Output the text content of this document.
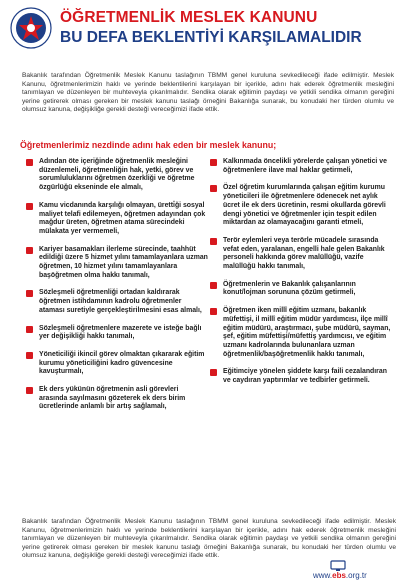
ÖĞRETMENLİK MESLEK KANUNU
BU DEFA BEKLENTİYİ KARŞILAMALIDIR
Bakanlık tarafından Öğretmenlik Meslek Kanunu taslağının TBMM genel kuruluna sevkedileceği ifade edilmiştir. Meslek Kanunu, öğretmenlerimizin haklı ve yerinde beklentilerini karşılayan bir içerikle, adını hak ederek öğretmenlik mesleğini tanımlayan ve düzenleyen bir muhteveyla çıkarılmalıdır. Sendika olarak eğitimin paydaşı ve yetkili sendika olmanın gereğini yerine getirerek olması gereken bir meslek kanunu taslağı örneğini Bakanlığa sunarak, bu konudaki her türden olumlu ve olumsuz kanuna, değişikliğe gerekli desteği vereceğimizi ifade ettik.
Öğretmenlerimiz nezdinde adını hak eden bir meslek kanunu;
Adından öte içeriğinde öğretmenlik mesleğini düzenlemeli, öğretmenliğin hak, yetki, görev ve sorumluluklarını öğretmen özerkliği ve öğretme özgürlüğü ekseninde ele almalı,
Kamu vicdanında karşılığı olmayan, üretti̇ği sosyal maliyet telafi edilemeyen, öğretmen adayından çok mağdur üreten, öğretmen atama sürecindeki mülakata yer vermemeli,
Kariyer basamakları ilerleme sürecinde, taahhüt edildiği üzere 5 hizmet yılını tamamlayanlara uzman öğretmen, 10 hizmet yılını tamamlayanlara başöğretmen olma hakkı tanımalı,
Sözleşmeli öğretmenliği ortadan kaldırarak öğretmen istihdamının kadrolu öğretmenler ataması suretiyle gerçekleştirilmesini esas almalı,
Sözleşmeli öğretmenlere mazerete ve isteğe bağlı yer değişikliği hakkı tanımalı,
Yöneticiliği ikincil görev olmaktan çıkararak eğitim kurumu yöneticiliğini kadro güvencesine kavuşturmalı,
Ek ders yükünün öğretmenin asli görevleri arasında sayılmasını gözeterek ek ders birim ücretlerinde anlamlı bir artış sağlamalı,
Kalkınmada öncelikli yörelerde çalışan yönetici ve öğretmenlere ilave mal haklar getirmeli,
Özel öğretim kurumlarında çalışan eğitim kurumu yöneticileri ile öğretmenlere ödenecek net aylık ücret ile ek ders ücretinin, resmi okullarda görevli dengi yönetici ve öğretmenler için tespit edilen miktardan az olamayacağını garanti etmeli,
Terör eylemleri veya terörle mücadele sırasında vefat eden, yaralanan, engelli hale gelen Bakanlık personeli hakkında görev malüllüğü, vazife malüllüğü hakkı tanımalı,
Öğretmenlerin ve Bakanlık çalışanlarının konut/lojman sorununa çözüm getirmeli,
Öğretmen iken millî eğitim uzmanı, bakanlık müfettişi, il millî eğitim müdür yardımcısı, ilçe millî eğitim müdürü, araştırmacı, şube müdürü, sayman, şef, eğitim müfettişi/müfettiş yardımcısı, ve eğitim uzmanı kadrolarında bulunanlara uzman öğretmenlik/başöğretmenlik hakkı tanımalı,
Eğitimciye yönelen şiddete karşı faili cezalandıran ve caydıran yaptırımlar ve tedbirler getirmeli.
Bakanlık tarafından Öğretmenlik Meslek Kanunu taslağının TBMM genel kuruluna sevkedileceği ifade edilmiştir. Meslek Kanunu, öğretmenlerimizin haklı ve yerinde beklentilerini karşılayan bir içerikle, adını hak ederek öğretmenlik mesleğini tanımlayan ve düzenleyen bir muhteveyla çıkarılmalıdır. Sendika olarak eğitimin paydaşı ve yetkili sendika olmanın gereğini yerine getirerek olması gereken bir meslek kanunu taslağı örneğini Bakanlığa sunarak, bu konudaki her türden olumlu ve olumsuz kanuna, değişikliğe gerekli desteği vereceğimizi ifade ettik.
www.ebs.org.tr
